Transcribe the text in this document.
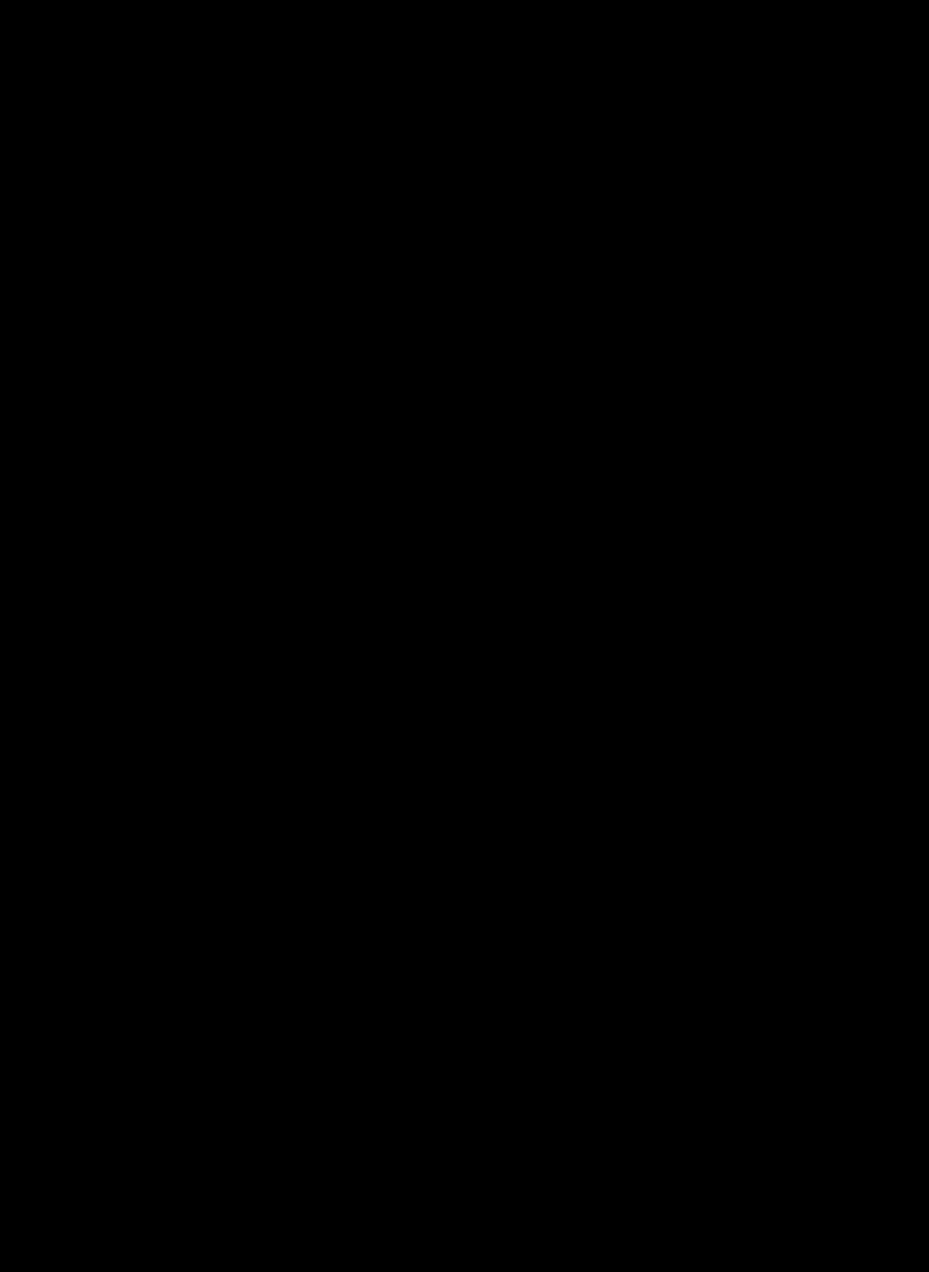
VALTUUSTOON NÄHDEN SITOVAT TAVOITTEET
ASIAKAS JA KUNTALAINEN
Palveluiden saatavuus ja laatu
Tavoite/Mittari	Tavoitetaso 2018
min - real - max
Toteutustapa
Vastuussa oleva
Arviointi (Tilinpäätös)
Veden laatu	Laatuvaatimukset ja -
suositukset (stm
461/2000 ja 442/2014)
Viranomais- ja
omavalvonta,
käyttöinsinööri
tilinpäätösteksti
Veden toimituskatkot
Viemärin toimintahäiriöt
Myönteinen kehitys
Myönteinen kehitys
Asiakaspalautteen
rekisteröinti,
suunnitteluyksikkö
HENKILÖSTÖ
Tavoitteellinen ja hyvä johtajuus
Tavoite/Mittari	Tavoitetaso 2018
min - real - max
Toteutustapa
Vastuussa oleva
Arviointi (Tilinpäätös)
T        ikkakokoukset	8 kertaa/vuosi	toim.joht., esimies	tili
Oppiva ja hyvinvoiva henkilöstö
Tavoite/Mittari	Tavoitetaso 2018
min - real - max
Toteutustapa
Vastuussa oleva
Arviointi (Tilinpäätös)
Henkilökoulutuksen
määrä  a kohdentum
Ammatill. suunt. 1-2
päivää/vuosi
toim.joht., esimies	tilinpäätösteksti
PALVELUIDEN JÄRJESTÄMINEN JA TUOTANTOTAVAT
Tehokas ja tarkoituksenmukainen organisaatio
Tavoite/Mittari	Tavoitetaso 2018
min - real - max
Toteutustapa
Vastuussa oleva
Arviointi (Tilinpäätös)
Asiakasmaksut	Maan keskitaso +/-
15 %
Vesihuoltolaitosten
maksut, vvy:n raportit,
toim.joht.
tilinpäätösteksti.
RESURSSIT JA TALOUS
Tasapainoinen talous
Tavoite/Mittarit	Tavoitetaso 2018
min - real - max
Toteutustapa
Vastuussa oleva
Arviointi (Tilinpäätös)
Investointien
tulorahoitus
Suurempi kuin 100 %
10 vuoden
tarkastelujaksolla
Tilinpäätös,
toim.joht.
tilinpäätösteksti.
